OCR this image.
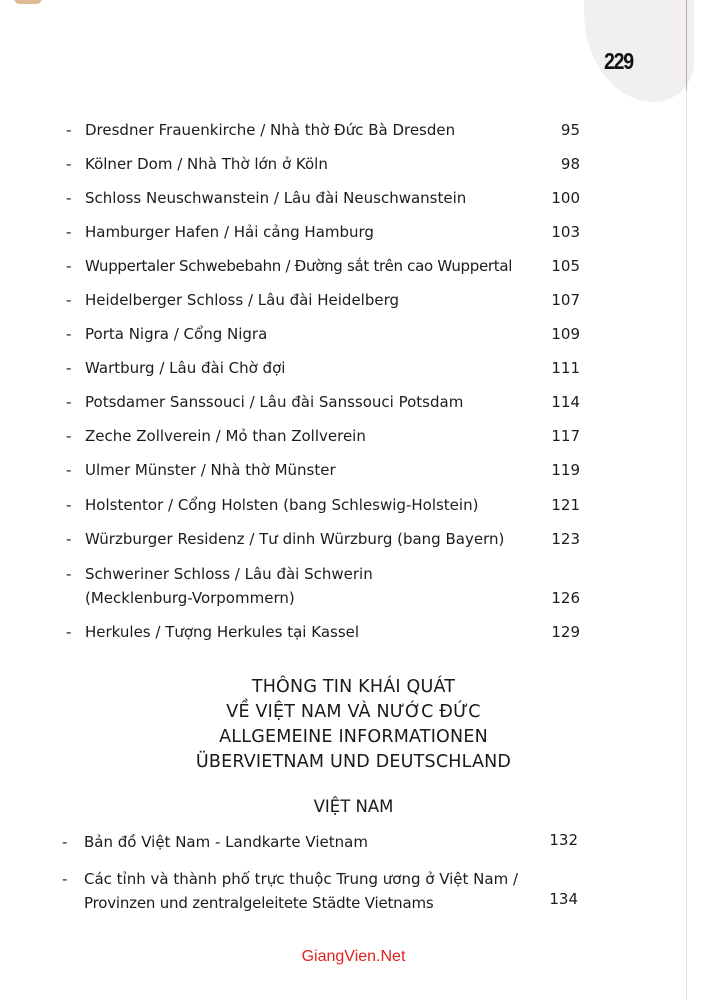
229
- Dresdner Frauenkirche / Nhà thờ Đức Bà Dresden	95
- Kölner Dom / Nhà Thờ lớn ở Köln	98
- Schloss Neuschwanstein / Lâu đài Neuschwanstein	100
- Hamburger Hafen / Hải cảng Hamburg	103
- Wuppertaler Schwebebahn / Đường sắt trên cao Wuppertal	105
- Heidelberger Schloss / Lâu đài Heidelberg	107
- Porta Nigra / Cổng Nigra	109
- Wartburg / Lâu đài Chờ đợi	111
- Potsdamer Sanssouci / Lâu đài Sanssouci Potsdam	114
- Zeche Zollverein / Mỏ than Zollverein	117
- Ulmer Münster / Nhà thờ Münster	119
- Holstentor / Cổng Holsten (bang Schleswig-Holstein)	121
- Würzburger Residenz / Tư dinh Würzburg (bang Bayern)	123
- Schweriner Schloss / Lâu đài Schwerin
(Mecklenburg-Vorpommern)	126
- Herkules / Tượng Herkules tại Kassel	129
THÔNG TIN KHÁI QUÁT
VỀ VIỆT NAM VÀ NƯỚC ĐỨC
ALLGEMEINE INFORMATIONEN
ÜBERVIETNAM UND DEUTSCHLAND
VIỆT NAM
- Bản đồ Việt Nam - Landkarte Vietnam	132
- Các tỉnh và thành phố trực thuộc Trung ương ở Việt Nam /
Provinzen und zentralgeleitete Städte Vietnams	134
GiangVien.Net
